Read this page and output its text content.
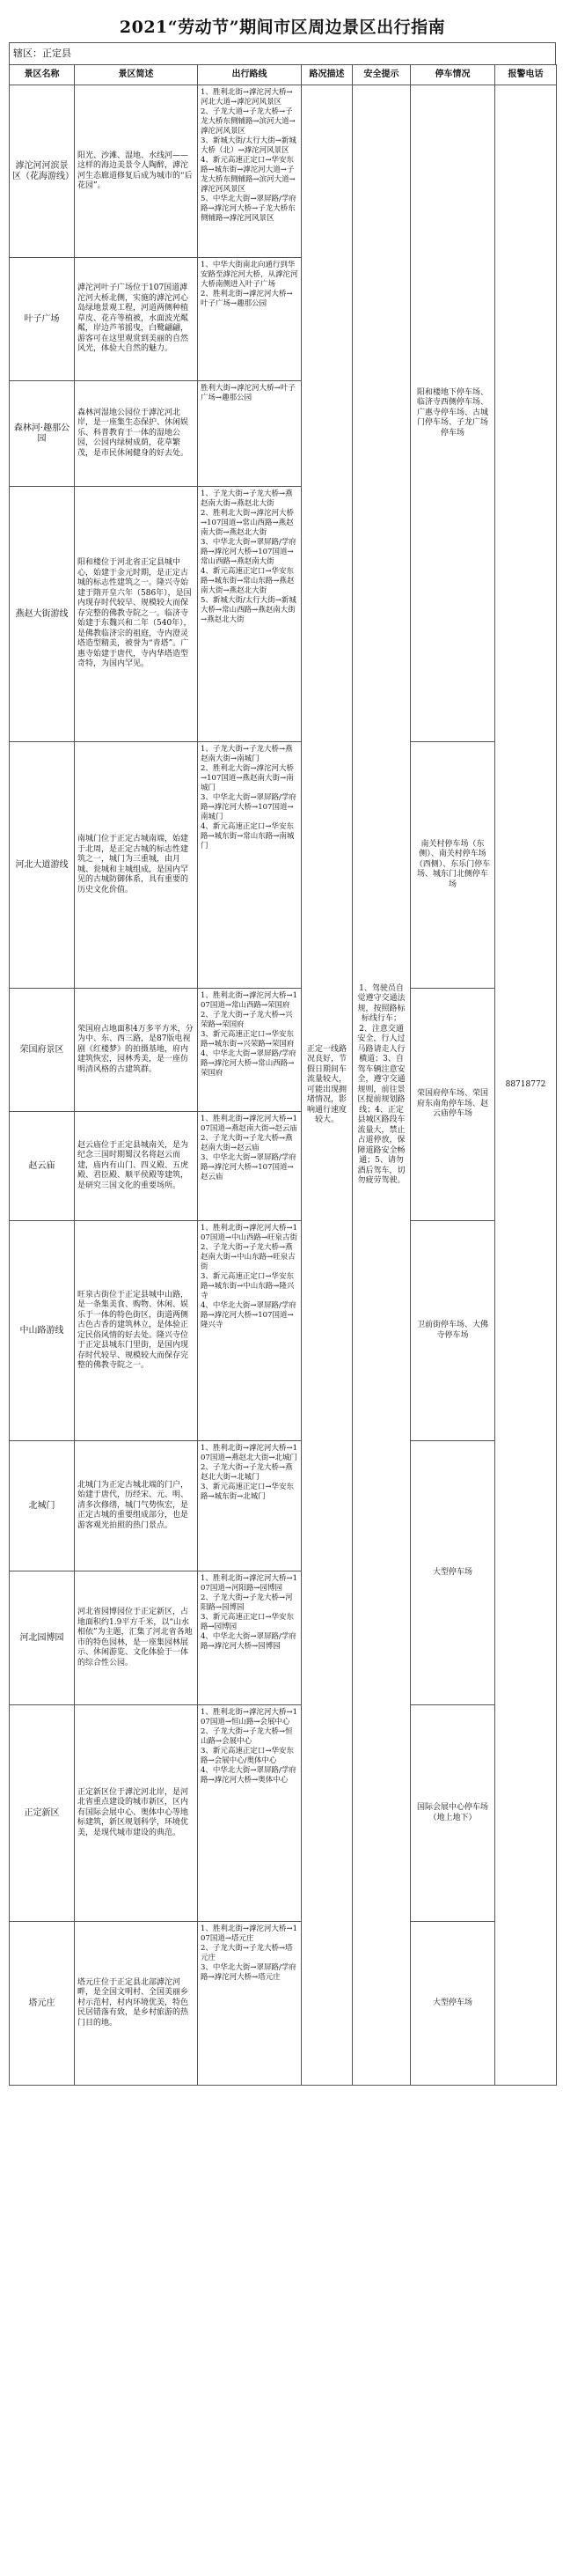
2021“劳动节”期间市区周边景区出行指南
辖区：正定县
景区名称	景区简述	出行路线	路况描述	安全提示	停车情况	报警电话
滹沱河河滨景区（花海游线）	阳光、沙滩、湿地、水线河——这样的海边美景令人陶醉，滹沱河生态廊道修复后成为城市的“后花园”。	1、胜利北街→滹沱河大桥→河北大道→滹沱河风景区
2、子龙大道→子龙大桥→子龙大桥东侧辅路→滨河大道→滹沱河风景区
3、新城大街/太行大街→新城大桥（北）→滹沱河风景区
4、新元高速正定口→华安东路→城东街→滹沱河大道→子龙大桥东侧辅路→滨河大道→滹沱河风景区
5、中华北大街→翠屏路/学府路→滹沱河大桥→子龙大桥东侧辅路→滹沱河风景区	正定一线路况良好，节假日期间车流量较大，可能出现拥堵情况，影响通行速度较大。	1、驾驶员自觉遵守交通法规，按照路标标线行车；2、注意交通安全，行人过马路请走人行横道；3、自驾车辆注意安全，遵守交通规则，前往景区提前规划路线；4、正定县城区路段车流量大，禁止占道停放，保障道路安全畅通；5、请勿酒后驾车，切勿疲劳驾驶。	阳和楼地下停车场、临济寺西侧停车场、广惠寺停车场、古城门停车场、子龙广场停车场	88718772
叶子广场	滹沱河叶子广场位于107国道滹沱河大桥北侧，实施的滹沱河心岛绿地景观工程，河道两侧种植草皮、花卉等植被，水面波光粼粼，岸边芦苇摇曳，白鹭翩翩，游客可在这里观赏到美丽的自然风光，体验大自然的魅力。	1、中华大街南北向通行到华安路至滹沱河大桥，从滹沱河大桥南侧进入叶子广场
2、胜利北街→滹沱河大桥→叶子广场→趣那公园				

森林河·趣那公园	森林河湿地公园位于滹沱河北岸，是一座集生态保护、休闲娱乐、科普教育于一体的湿地公园，公园内绿树成荫，花草繁茂，是市民休闲健身的好去处。	胜利大街→滹沱河大桥→叶子广场→趣那公园				

燕赵大街游线	阳和楼位于河北省正定县城中心，始建于金元时期，是正定古城的标志性建筑之一。隆兴寺始建于隋开皇六年（586年），是国内现存时代较早、规模较大而保存完整的佛教寺院之一。临济寺始建于东魏兴和二年（540年），是佛教临济宗的祖庭，寺内澄灵塔造型精美，被誉为“青塔”。广惠寺始建于唐代，寺内华塔造型奇特，为国内罕见。	1、子龙大街→子龙大桥→燕赵南大街→燕赵北大街
2、胜利北大街→滹沱河大桥→107国道→常山西路→燕赵南大街→燕赵北大街
3、中华北大街→翠屏路/学府路→滹沱河大桥→107国道→常山西路→燕赵南大街
4、新元高速正定口→华安东路→城东街→常山东路→燕赵南大街→燕赵北大街
5、新城大街/太行大街→新城大桥→常山西路→燕赵南大街→燕赵北大街				

河北大道游线	南城门位于正定古城南端，始建于北周，是正定古城的标志性建筑之一，城门为三重城，由月城、瓮城和主城组成，是国内罕见的古城防御体系，具有重要的历史文化价值。	1、子龙大街→子龙大桥→燕赵南大街→南城门
2、胜利北大街→滹沱河大桥→107国道→燕赵南大街→南城门
3、中华北大街→翠屏路/学府路→滹沱河大桥→107国道→南城门
4、新元高速正定口→华安东路→城东街→常山东路→南城门			南关村停车场（东侧）、南关村停车场（西侧）、东乐门停车场、城东门北侧停车场	
荣国府景区	荣国府占地面积4万多平方米，分为中、东、西三路，是87版电视剧《红楼梦》的拍摄基地，府内建筑恢宏，园林秀美，是一座仿明清风格的古建筑群。	1、胜利北街→滹沱河大桥→107国道→常山西路→荣国府
2、子龙大街→子龙大桥→兴荣路→荣国府
3、新元高速正定口→华安东路→城东街→兴荣路→荣国府
4、中华北大街→翠屏路/学府路→滹沱河大桥→常山西路→荣国府			荣国府停车场、荣国府东南角停车场、赵云庙停车场	
赵云庙	赵云庙位于正定县城南关，是为纪念三国时期蜀汉名将赵云而建，庙内有山门、四义殿、五虎殿、君臣殿、顺平侯殿等建筑，是研究三国文化的重要场所。	1、胜利北街→滹沱河大桥→107国道→燕赵南大街→赵云庙
2、子龙大街→子龙大桥→燕赵南大街→赵云庙
3、中华北大街→翠屏路/学府路→滹沱河大桥→107国道→赵云庙				

中山路游线	旺泉古街位于正定县城中山路，是一条集美食、购物、休闲、娱乐于一体的特色街区，街道两侧古色古香的建筑林立，是体验正定民俗风情的好去处。隆兴寺位于正定县城东门里街，是国内现存时代较早、规模较大而保存完整的佛教寺院之一。	1、胜利北街→滹沱河大桥→107国道→中山西路→旺泉古街
2、子龙大街→子龙大桥→燕赵南大街→中山东路→旺泉古街
3、新元高速正定口→华安东路→城东街→中山东路→隆兴寺
4、中华北大街→翠屏路/学府路→滹沱河大桥→107国道→隆兴寺			卫前街停车场、大佛寺停车场	
北城门	北城门为正定古城北端的门户，始建于唐代，历经宋、元、明、清多次修缮，城门气势恢宏，是正定古城的重要组成部分，也是游客观光拍照的热门景点。	1、胜利北街→滹沱河大桥→107国道→燕赵北大街→北城门
2、子龙大街→子龙大桥→燕赵北大街→北城门
3、新元高速正定口→华安东路→城东街→北城门			大型停车场	
河北园博园	河北省园博园位于正定新区，占地面积约1.9平方千米，以“山水相依”为主题，汇集了河北省各地市的特色园林，是一座集园林展示、休闲游览、文化体验于一体的综合性公园。	1、胜利北街→滹沱河大桥→107国道→河阳路→园博园
2、子龙大街→子龙大桥→河阳路→园博园
3、新元高速正定口→华安东路→园博园
4、中华北大街→翠屏路/学府路→滹沱河大桥→园博园				

正定新区	正定新区位于滹沱河北岸，是河北省重点建设的城市新区，区内有国际会展中心、奥体中心等地标建筑，新区规划科学，环境优美，是现代城市建设的典范。	1、胜利北街→滹沱河大桥→107国道→恒山路→会展中心
2、子龙大街→子龙大桥→恒山路→会展中心
3、新元高速正定口→华安东路→会展中心/奥体中心
4、中华北大街→翠屏路/学府路→滹沱河大桥→奥体中心			国际会展中心停车场（地上地下）	
塔元庄	塔元庄位于正定县北部滹沱河畔，是全国文明村、全国美丽乡村示范村，村内环境优美，特色民居错落有致，是乡村旅游的热门目的地。	1、胜利北街→滹沱河大桥→107国道→塔元庄
2、子龙大街→子龙大桥→塔元庄
3、中华北大街→翠屏路/学府路→滹沱河大桥→塔元庄			大型停车场	
